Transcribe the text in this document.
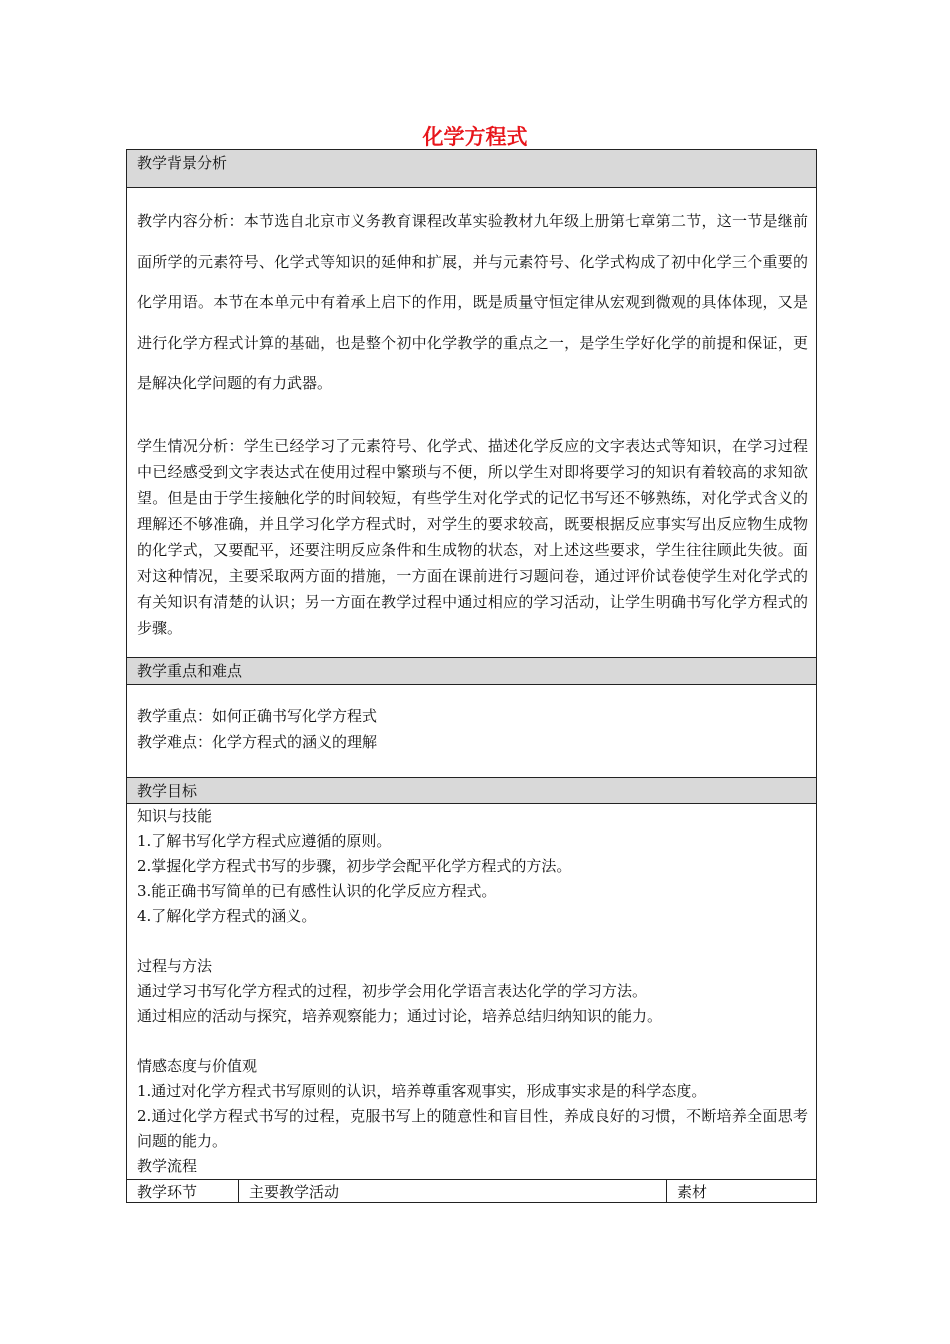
化学方程式
教学背景分析

教学内容分析：本节选自北京市义务教育课程改革实验教材九年级上册第七章第二节，这一节是继前面所学的元素符号、化学式等知识的延伸和扩展，并与元素符号、化学式构成了初中化学三个重要的化学用语。本节在本单元中有着承上启下的作用，既是质量守恒定律从宏观到微观的具体体现，又是进行化学方程式计算的基础，也是整个初中化学教学的重点之一，是学生学好化学的前提和保证，更是解决化学问题的有力武器。

学生情况分析：学生已经学习了元素符号、化学式、描述化学反应的文字表达式等知识，在学习过程中已经感受到文字表达式在使用过程中繁琐与不便，所以学生对即将要学习的知识有着较高的求知欲望。但是由于学生接触化学的时间较短，有些学生对化学式的记忆书写还不够熟练，对化学式含义的理解还不够准确，并且学习化学方程式时，对学生的要求较高，既要根据反应事实写出反应物生成物的化学式，又要配平，还要注明反应条件和生成物的状态，对上述这些要求，学生往往顾此失彼。面对这种情况，主要采取两方面的措施，一方面在课前进行习题问卷，通过评价试卷使学生对化学式的有关知识有清楚的认识；另一方面在教学过程中通过相应的学习活动，让学生明确书写化学方程式的步骤。

教学重点和难点

教学重点：如何正确书写化学方程式

教学难点：化学方程式的涵义的理解

教学目标

知识与技能

1.了解书写化学方程式应遵循的原则。

2.掌握化学方程式书写的步骤，初步学会配平化学方程式的方法。

3.能正确书写简单的已有感性认识的化学反应方程式。

4.了解化学方程式的涵义。

过程与方法

通过学习书写化学方程式的过程，初步学会用化学语言表达化学的学习方法。

通过相应的活动与探究，培养观察能力；通过讨论，培养总结归纳知识的能力。

情感态度与价值观

1.通过对化学方程式书写原则的认识，培养尊重客观事实，形成事实求是的科学态度。

2.通过化学方程式书写的过程，克服书写上的随意性和盲目性，养成良好的习惯，不断培养全面思考问题的能力。

教学流程

教学环节	主要教学活动	素材
